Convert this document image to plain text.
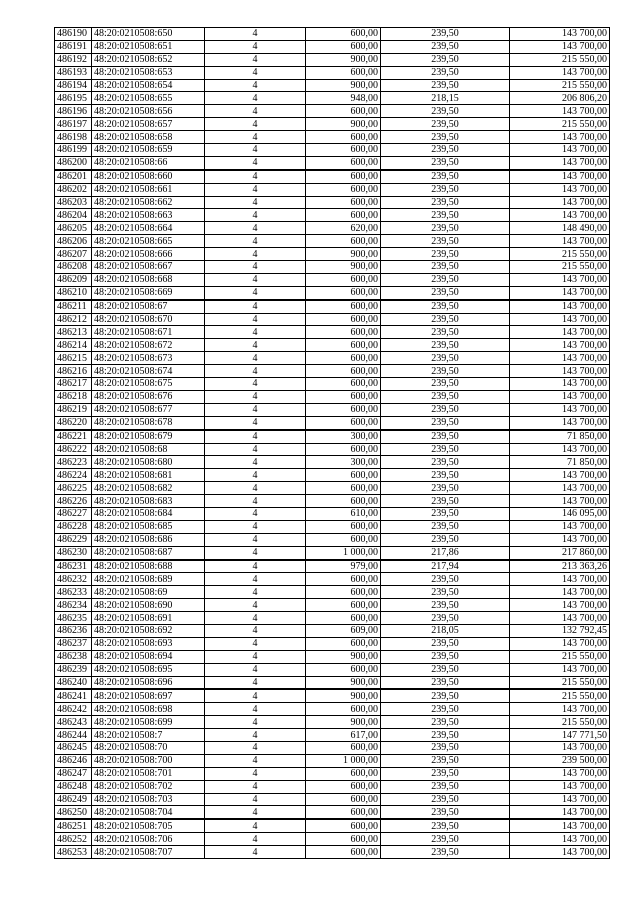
486190	48:20:0210508:650	4	600,00	239,50	143 700,00
486191	48:20:0210508:651	4	600,00	239,50	143 700,00
486192	48:20:0210508:652	4	900,00	239,50	215 550,00
486193	48:20:0210508:653	4	600,00	239,50	143 700,00
486194	48:20:0210508:654	4	900,00	239,50	215 550,00
486195	48:20:0210508:655	4	948,00	218,15	206 806,20
486196	48:20:0210508:656	4	600,00	239,50	143 700,00
486197	48:20:0210508:657	4	900,00	239,50	215 550,00
486198	48:20:0210508:658	4	600,00	239,50	143 700,00
486199	48:20:0210508:659	4	600,00	239,50	143 700,00
486200	48:20:0210508:66	4	600,00	239,50	143 700,00
486201	48:20:0210508:660	4	600,00	239,50	143 700,00
486202	48:20:0210508:661	4	600,00	239,50	143 700,00
486203	48:20:0210508:662	4	600,00	239,50	143 700,00
486204	48:20:0210508:663	4	600,00	239,50	143 700,00
486205	48:20:0210508:664	4	620,00	239,50	148 490,00
486206	48:20:0210508:665	4	600,00	239,50	143 700,00
486207	48:20:0210508:666	4	900,00	239,50	215 550,00
486208	48:20:0210508:667	4	900,00	239,50	215 550,00
486209	48:20:0210508:668	4	600,00	239,50	143 700,00
486210	48:20:0210508:669	4	600,00	239,50	143 700,00
486211	48:20:0210508:67	4	600,00	239,50	143 700,00
486212	48:20:0210508:670	4	600,00	239,50	143 700,00
486213	48:20:0210508:671	4	600,00	239,50	143 700,00
486214	48:20:0210508:672	4	600,00	239,50	143 700,00
486215	48:20:0210508:673	4	600,00	239,50	143 700,00
486216	48:20:0210508:674	4	600,00	239,50	143 700,00
486217	48:20:0210508:675	4	600,00	239,50	143 700,00
486218	48:20:0210508:676	4	600,00	239,50	143 700,00
486219	48:20:0210508:677	4	600,00	239,50	143 700,00
486220	48:20:0210508:678	4	600,00	239,50	143 700,00
486221	48:20:0210508:679	4	300,00	239,50	71 850,00
486222	48:20:0210508:68	4	600,00	239,50	143 700,00
486223	48:20:0210508:680	4	300,00	239,50	71 850,00
486224	48:20:0210508:681	4	600,00	239,50	143 700,00
486225	48:20:0210508:682	4	600,00	239,50	143 700,00
486226	48:20:0210508:683	4	600,00	239,50	143 700,00
486227	48:20:0210508:684	4	610,00	239,50	146 095,00
486228	48:20:0210508:685	4	600,00	239,50	143 700,00
486229	48:20:0210508:686	4	600,00	239,50	143 700,00
486230	48:20:0210508:687	4	1 000,00	217,86	217 860,00
486231	48:20:0210508:688	4	979,00	217,94	213 363,26
486232	48:20:0210508:689	4	600,00	239,50	143 700,00
486233	48:20:0210508:69	4	600,00	239,50	143 700,00
486234	48:20:0210508:690	4	600,00	239,50	143 700,00
486235	48:20:0210508:691	4	600,00	239,50	143 700,00
486236	48:20:0210508:692	4	609,00	218,05	132 792,45
486237	48:20:0210508:693	4	600,00	239,50	143 700,00
486238	48:20:0210508:694	4	900,00	239,50	215 550,00
486239	48:20:0210508:695	4	600,00	239,50	143 700,00
486240	48:20:0210508:696	4	900,00	239,50	215 550,00
486241	48:20:0210508:697	4	900,00	239,50	215 550,00
486242	48:20:0210508:698	4	600,00	239,50	143 700,00
486243	48:20:0210508:699	4	900,00	239,50	215 550,00
486244	48:20:0210508:7	4	617,00	239,50	147 771,50
486245	48:20:0210508:70	4	600,00	239,50	143 700,00
486246	48:20:0210508:700	4	1 000,00	239,50	239 500,00
486247	48:20:0210508:701	4	600,00	239,50	143 700,00
486248	48:20:0210508:702	4	600,00	239,50	143 700,00
486249	48:20:0210508:703	4	600,00	239,50	143 700,00
486250	48:20:0210508:704	4	600,00	239,50	143 700,00
486251	48:20:0210508:705	4	600,00	239,50	143 700,00
486252	48:20:0210508:706	4	600,00	239,50	143 700,00
486253	48:20:0210508:707	4	600,00	239,50	143 700,00
